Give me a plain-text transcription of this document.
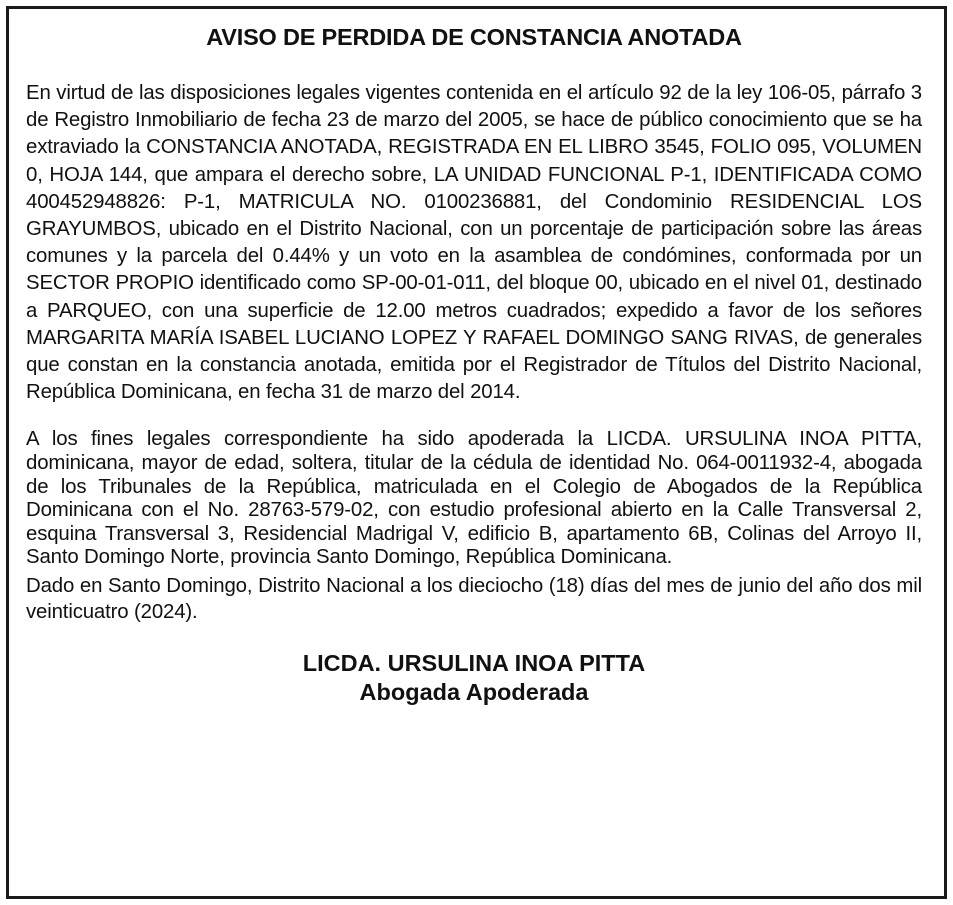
AVISO DE PERDIDA DE CONSTANCIA ANOTADA

En virtud de las disposiciones legales vigentes contenida en el artículo 92 de la ley 106-05, párrafo 3 de Registro Inmobiliario de fecha 23 de marzo del 2005, se hace de público conocimiento que se ha extraviado la CONSTANCIA ANOTADA, REGISTRADA EN EL LIBRO 3545, FOLIO 095, VOLUMEN 0, HOJA 144, que ampara el derecho sobre, LA UNIDAD FUNCIONAL P-1, IDENTIFICADA COMO 400452948826: P-1, MATRICULA NO. 0100236881, del Condominio RESIDENCIAL LOS GRAYUMBOS, ubicado en el Distrito Nacional, con un porcentaje de participación sobre las áreas comunes y la parcela del 0.44% y un voto en la asamblea de condómines, conformada por un SECTOR PROPIO identificado como SP-00-01-011, del bloque 00, ubicado en el nivel 01, destinado a PARQUEO, con una superficie de 12.00 metros cuadrados; expedido a favor de los señores MARGARITA MARÍA ISABEL LUCIANO LOPEZ Y RAFAEL DOMINGO SANG RIVAS, de generales que constan en la constancia anotada, emitida por el Registrador de Títulos del Distrito Nacional, República Dominicana, en fecha 31 de marzo del 2014.

A los fines legales correspondiente ha sido apoderada la LICDA. URSULINA INOA PITTA, dominicana, mayor de edad, soltera, titular de la cédula de identidad No. 064-0011932-4, abogada de los Tribunales de la República, matriculada en el Colegio de Abogados de la República Dominicana con el No. 28763-579-02, con estudio profesional abierto en la Calle Transversal 2, esquina Transversal 3, Residencial Madrigal V, edificio B, apartamento 6B, Colinas del Arroyo II, Santo Domingo Norte, provincia Santo Domingo, República Dominicana.

Dado en Santo Domingo, Distrito Nacional a los dieciocho (18) días del mes de junio del año dos mil veinticuatro (2024).

LICDA. URSULINA INOA PITTA
Abogada Apoderada
